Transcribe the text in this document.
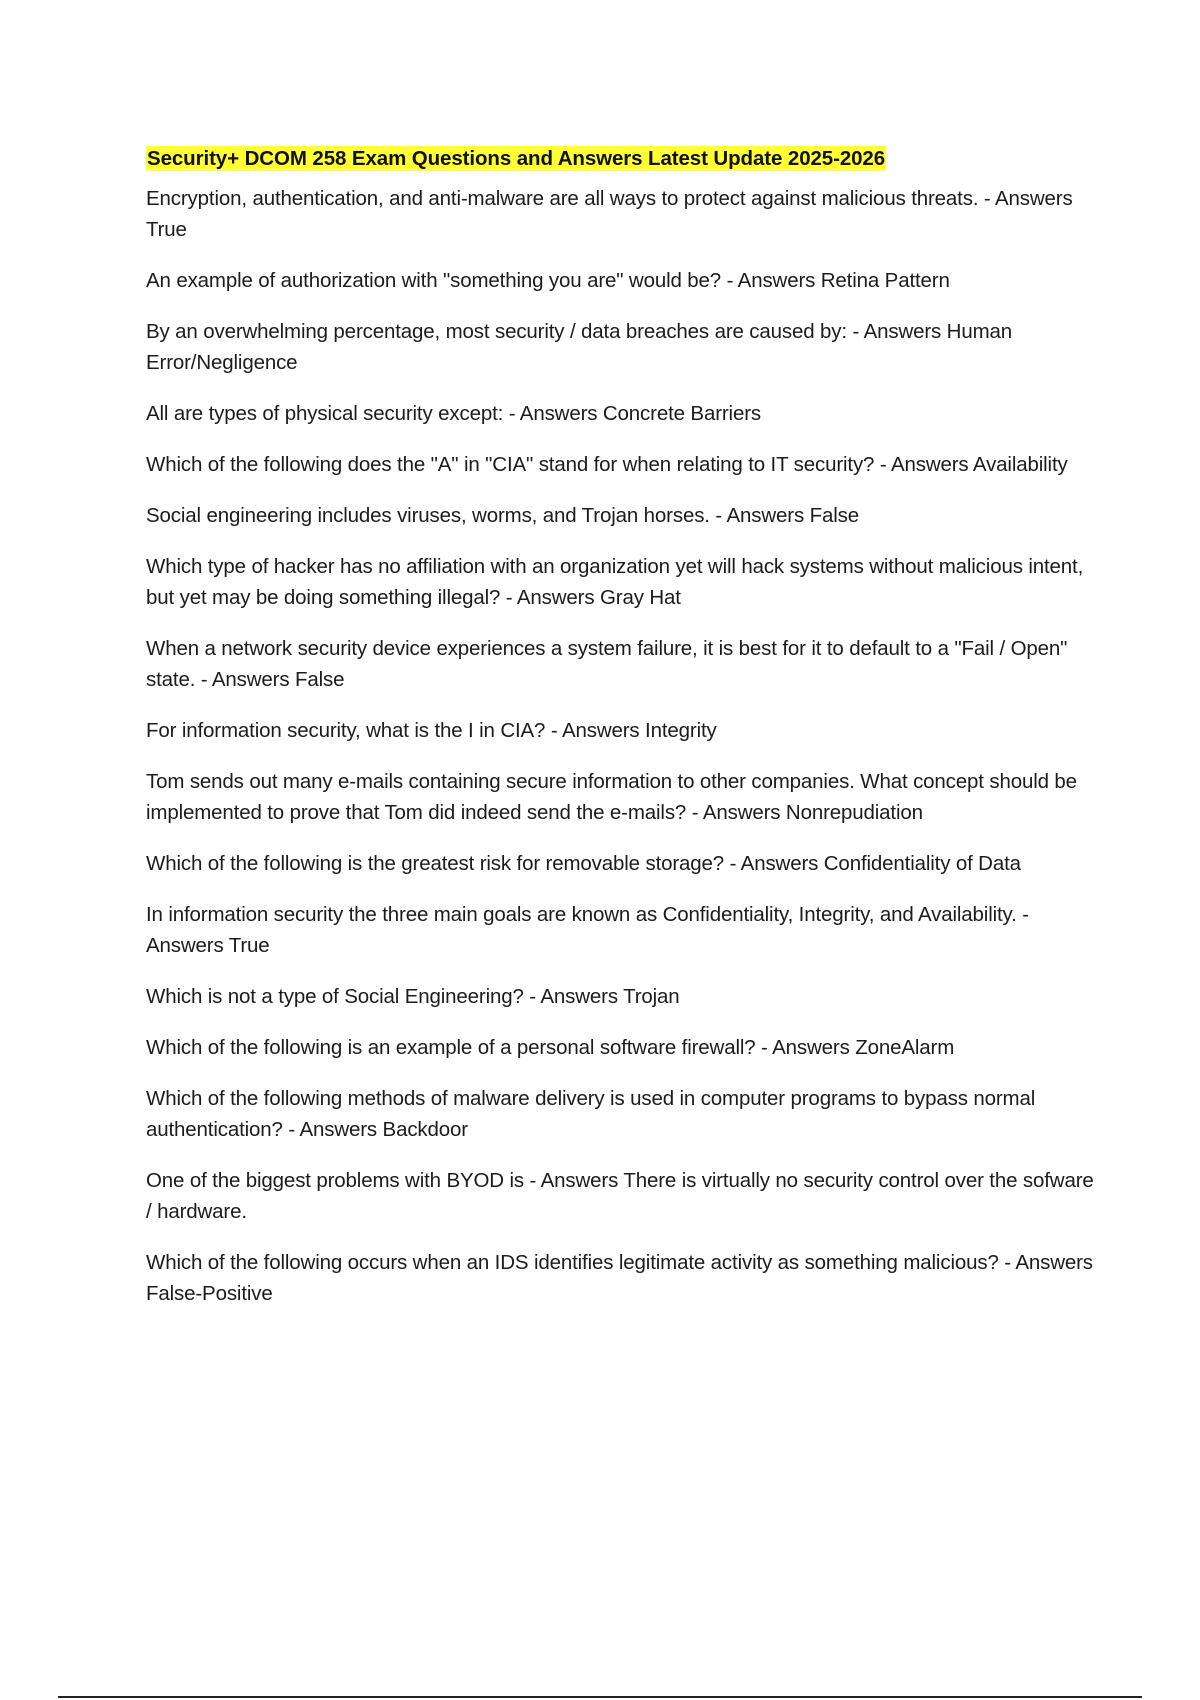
Security+ DCOM 258 Exam Questions and Answers Latest Update 2025-2026

Encryption, authentication, and anti-malware are all ways to protect against malicious threats. - Answers True

An example of authorization with "something you are" would be? - Answers Retina Pattern

By an overwhelming percentage, most security / data breaches are caused by: - Answers Human Error/Negligence

All are types of physical security except: - Answers Concrete Barriers

Which of the following does the "A" in "CIA" stand for when relating to IT security? - Answers Availability

Social engineering includes viruses, worms, and Trojan horses. - Answers False

Which type of hacker has no affiliation with an organization yet will hack systems without malicious intent, but yet may be doing something illegal? - Answers Gray Hat

When a network security device experiences a system failure, it is best for it to default to a "Fail / Open" state. - Answers False

For information security, what is the I in CIA? - Answers Integrity

Tom sends out many e-mails containing secure information to other companies. What concept should be implemented to prove that Tom did indeed send the e-mails? - Answers Nonrepudiation

Which of the following is the greatest risk for removable storage? - Answers Confidentiality of Data

In information security the three main goals are known as Confidentiality, Integrity, and Availability. - Answers True

Which is not a type of Social Engineering? - Answers Trojan

Which of the following is an example of a personal software firewall? - Answers ZoneAlarm

Which of the following methods of malware delivery is used in computer programs to bypass normal authentication? - Answers Backdoor

One of the biggest problems with BYOD is - Answers There is virtually no security control over the sofware / hardware.

Which of the following occurs when an IDS identifies legitimate activity as something malicious? - Answers False-Positive
